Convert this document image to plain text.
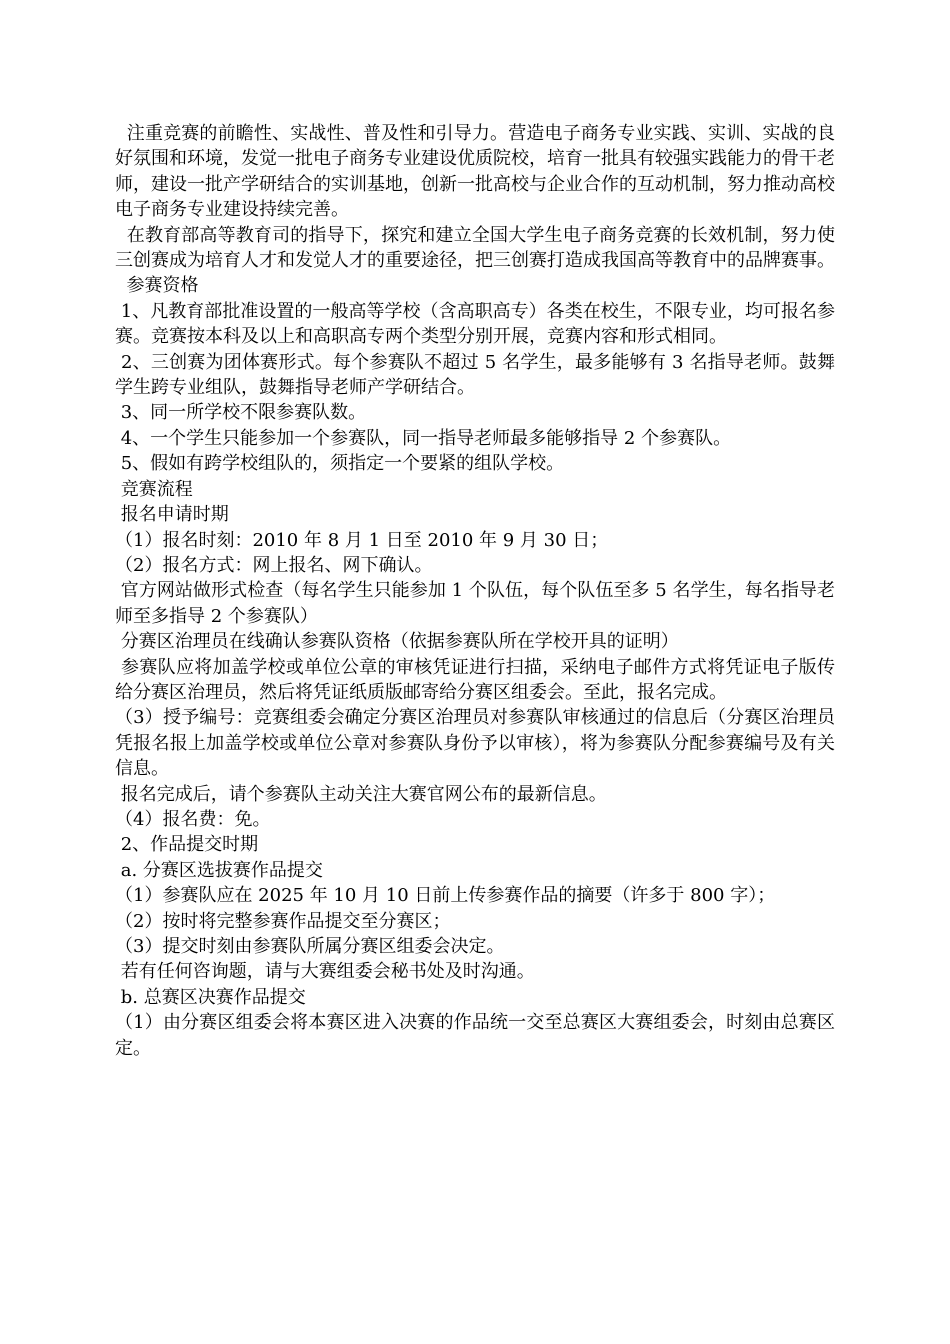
注重竞赛的前瞻性、实战性、普及性和引导力。营造电子商务专业实践、实训、实战的良好氛围和环境，发觉一批电子商务专业建设优质院校，培育一批具有较强实践能力的骨干老师，建设一批产学研结合的实训基地，创新一批高校与企业合作的互动机制，努力推动高校电子商务专业建设持续完善。

在教育部高等教育司的指导下，探究和建立全国大学生电子商务竞赛的长效机制，努力使三创赛成为培育人才和发觉人才的重要途径，把三创赛打造成我国高等教育中的品牌赛事。

参赛资格

1、凡教育部批准设置的一般高等学校（含高职高专）各类在校生，不限专业，均可报名参赛。竞赛按本科及以上和高职高专两个类型分别开展，竞赛内容和形式相同。

2、三创赛为团体赛形式。每个参赛队不超过 5 名学生，最多能够有 3 名指导老师。鼓舞学生跨专业组队，鼓舞指导老师产学研结合。

3、同一所学校不限参赛队数。

4、一个学生只能参加一个参赛队，同一指导老师最多能够指导 2 个参赛队。

5、假如有跨学校组队的，须指定一个要紧的组队学校。

竞赛流程

报名申请时期

（1）报名时刻：2010 年 8 月 1 日至 2010 年 9 月 30 日；

（2）报名方式：网上报名、网下确认。

官方网站做形式检查（每名学生只能参加 1 个队伍，每个队伍至多 5 名学生，每名指导老师至多指导 2 个参赛队）

分赛区治理员在线确认参赛队资格（依据参赛队所在学校开具的证明）

参赛队应将加盖学校或单位公章的审核凭证进行扫描，采纳电子邮件方式将凭证电子版传给分赛区治理员，然后将凭证纸质版邮寄给分赛区组委会。至此，报名完成。

（3）授予编号：竞赛组委会确定分赛区治理员对参赛队审核通过的信息后（分赛区治理员凭报名报上加盖学校或单位公章对参赛队身份予以审核），将为参赛队分配参赛编号及有关信息。

报名完成后，请个参赛队主动关注大赛官网公布的最新信息。

（4）报名费：免。

2、作品提交时期

a. 分赛区选拔赛作品提交

（1）参赛队应在 2025 年 10 月 10 日前上传参赛作品的摘要（许多于 800 字）；

（2）按时将完整参赛作品提交至分赛区；

（3）提交时刻由参赛队所属分赛区组委会决定。

若有任何咨询题，请与大赛组委会秘书处及时沟通。

b. 总赛区决赛作品提交

（1）由分赛区组委会将本赛区进入决赛的作品统一交至总赛区大赛组委会，时刻由总赛区定。
